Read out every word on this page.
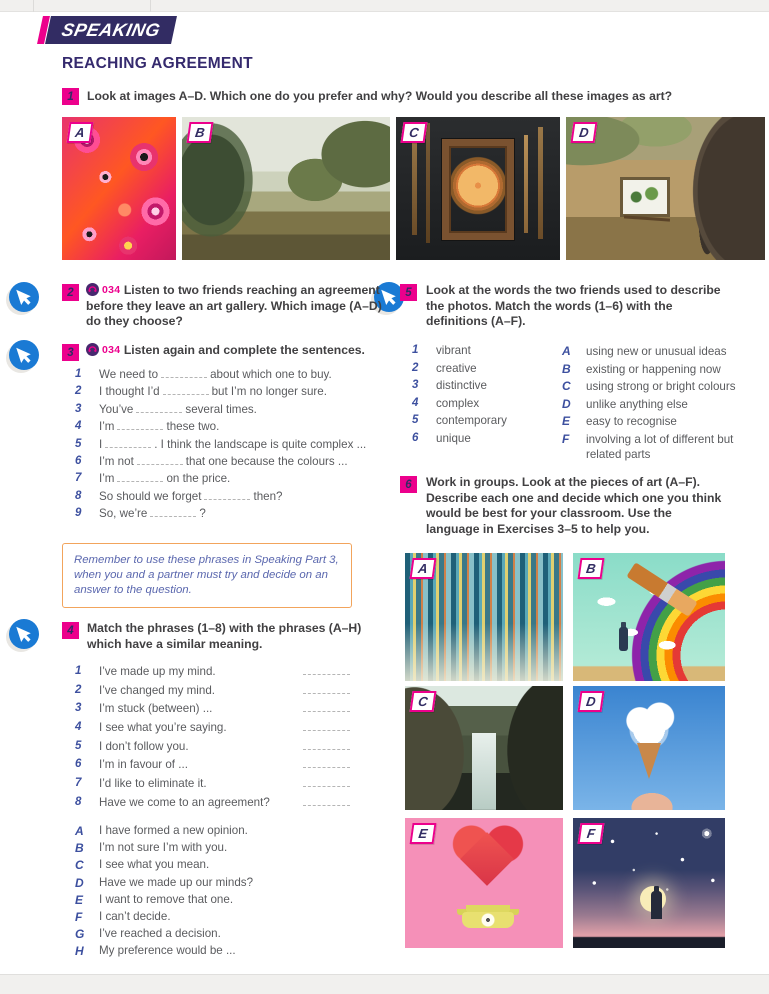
SPEAKING
REACHING AGREEMENT
1	Look at images A–D. Which one do you prefer and why? Would you describe all these images as art?
A	B	C	D
2	034 Listen to two friends reaching an agreement before they leave an art gallery. Which image (A–D) do they choose?
3	034 Listen again and complete the sentences.
1	We need to	about which one to buy.
2	I thought I’d	but I’m no longer sure.
3	You’ve	several times.
4	I’m	these two.
5	I	. I think the landscape is quite complex ...
6	I’m not	that one because the colours ...
7	I’m	on the price.
8	So should we forget	then?
9	So, we’re	?

Remember to use these phrases in Speaking Part 3, when you and a partner must try and decide on an answer to the question.

4	Match the phrases (1–8) with the phrases (A–H) which have a similar meaning.
1	I’ve made up my mind.
2	I’ve changed my mind.
3	I’m stuck (between) ...
4	I see what you’re saying.
5	I don’t follow you.
6	I’m in favour of ...
7	I’d like to eliminate it.
8	Have we come to an agreement?
A	I have formed a new opinion.
B	I’m not sure I’m with you.
C	I see what you mean.
D	Have we made up our minds?
E	I want to remove that one.
F	I can’t decide.
G	I’ve reached a decision.
H	My preference would be ...
5	Look at the words the two friends used to describe the photos. Match the words (1–6) with the definitions (A–F).
1	vibrant
2	creative
3	distinctive
4	complex
5	contemporary
6	unique
A	using new or unusual ideas
B	existing or happening now
C	using strong or bright colours
D	unlike anything else
E	easy to recognise
F	involving a lot of different but related parts
6	Work in groups. Look at the pieces of art (A–F). Describe each one and decide which one you think would be best for your classroom. Use the language in Exercises 3–5 to help you.
A	B
C	D
E	F
